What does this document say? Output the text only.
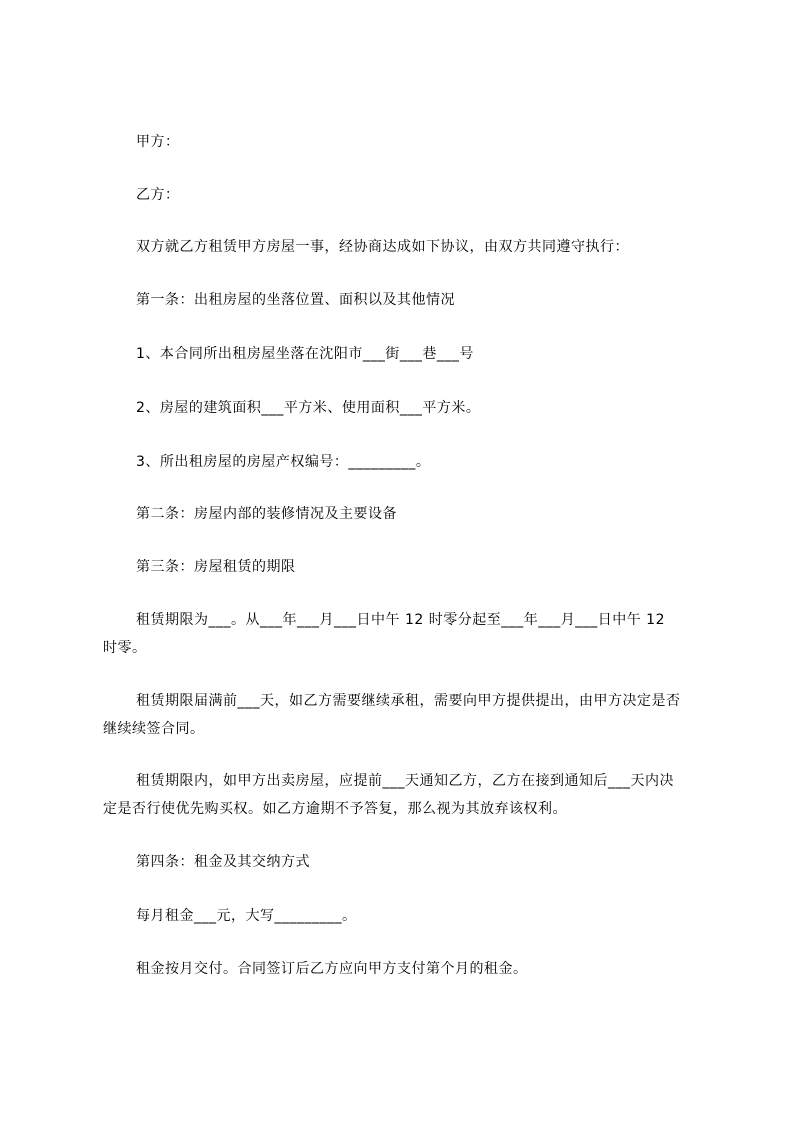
甲方：
乙方：
双方就乙方租赁甲方房屋一事，经协商达成如下协议，由双方共同遵守执行：
第一条：出租房屋的坐落位置、面积以及其他情况
1、本合同所出租房屋坐落在沈阳市___街___巷___号
2、房屋的建筑面积___平方米、使用面积___平方米。
3、所出租房屋的房屋产权编号：_________。
第二条：房屋内部的装修情况及主要设备
第三条：房屋租赁的期限
租赁期限为___。从___年___月___日中午 12 时零分起至___年___月___日中午 12 时零。
租赁期限届满前___天，如乙方需要继续承租，需要向甲方提供提出，由甲方决定是否继续续签合同。
租赁期限内，如甲方出卖房屋，应提前___天通知乙方，乙方在接到通知后___天内决定是否行使优先购买权。如乙方逾期不予答复，那么视为其放弃该权利。
第四条：租金及其交纳方式
每月租金___元，大写_________。
租金按月交付。合同签订后乙方应向甲方支付第个月的租金。
